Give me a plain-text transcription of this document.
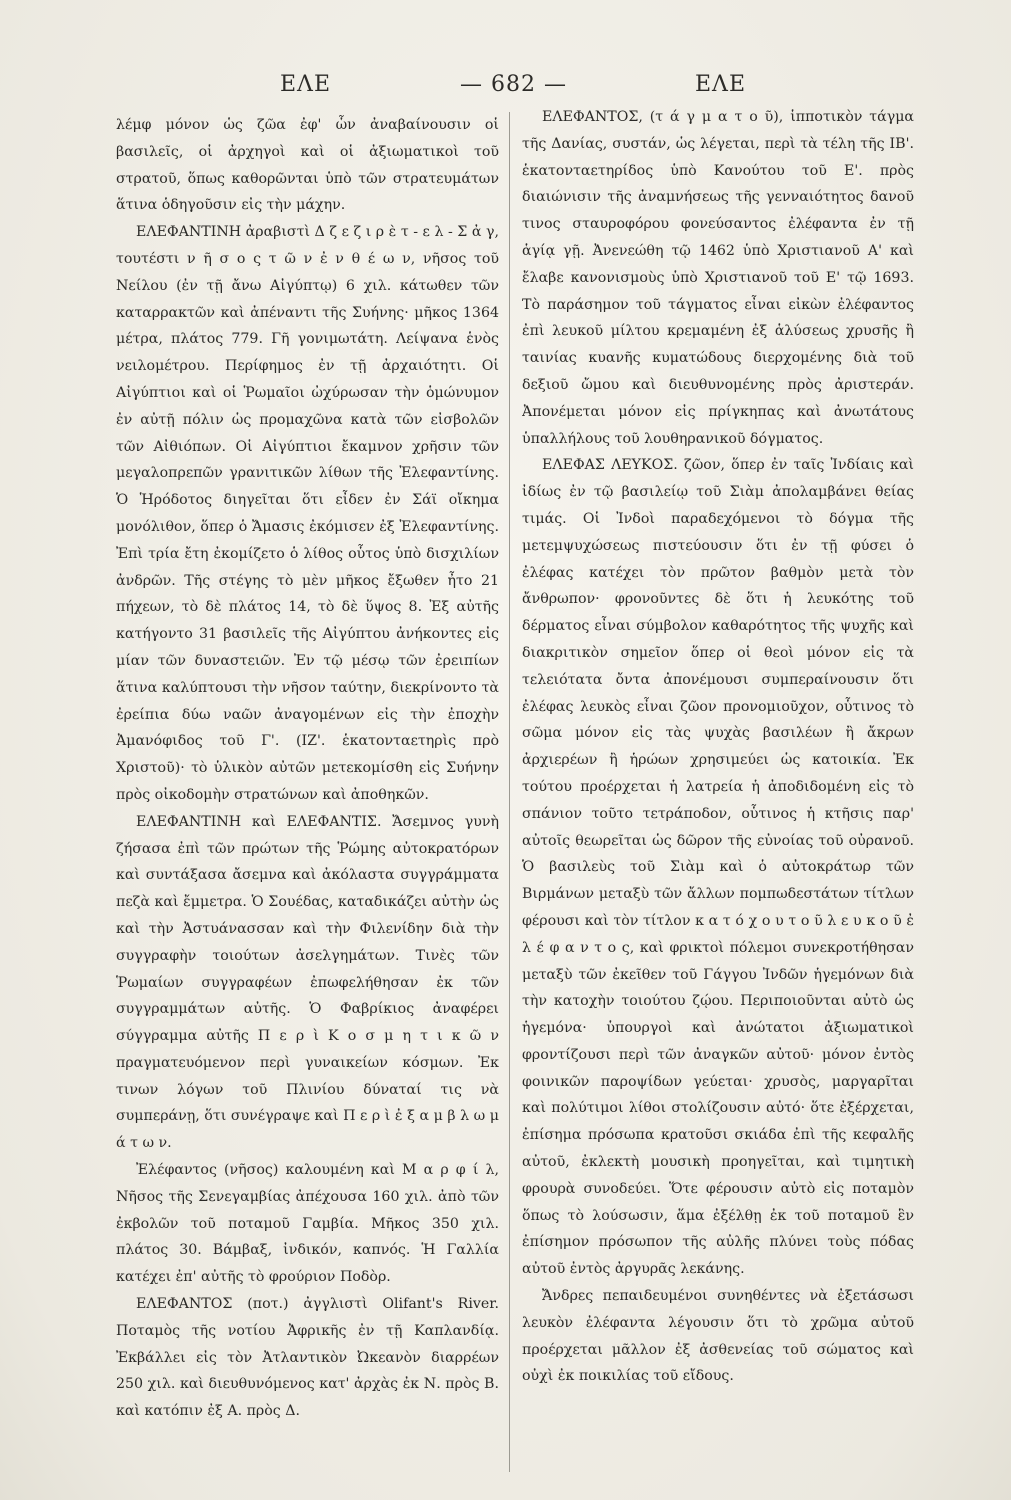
ΕΛΕ	— 682 —	ΕΛΕ

λέμφ μόνον ὡς ζῶα ἐφ' ὧν ἀναβαίνουσιν οἱ βασιλεῖς, οἱ ἀρχηγοὶ καὶ οἱ ἀξιωματικοὶ τοῦ στρατοῦ, ὅπως καθορῶνται ὑπὸ τῶν στρατευμάτων ἅτινα ὁδηγοῦσιν εἰς τὴν μάχην.

ΕΛΕΦΑΝΤΙΝΗ ἀραβιστὶ Δ ζ ε ζ ι ρ ὲ τ - ε λ - Σ ἀ γ, τουτέστι ν ῆ σ ο ς τ ῶ ν ἐ ν θ έ ω ν, νῆσος τοῦ Νείλου (ἐν τῇ ἄνω Αἰγύπτῳ) 6 χιλ. κάτωθεν τῶν καταρρακτῶν καὶ ἀπέναντι τῆς Συήνης· μῆκος 1364 μέτρα, πλάτος 779. Γῆ γονιμωτάτη. Λείψανα ἑνὸς νειλομέτρου. Περίφημος ἐν τῇ ἀρχαιότητι. Οἱ Αἰγύπτιοι καὶ οἱ Ῥωμαῖοι ὠχύρωσαν τὴν ὁμώνυμον ἐν αὐτῇ πόλιν ὡς προμαχῶνα κατὰ τῶν εἰσβολῶν τῶν Αἰθιόπων. Οἱ Αἰγύπτιοι ἔκαμνον χρῆσιν τῶν μεγαλοπρεπῶν γρανιτικῶν λίθων τῆς Ἐλεφαντίνης. Ὁ Ἡρόδοτος διηγεῖται ὅτι εἶδεν ἐν Σάϊ οἴκημα μονόλιθον, ὅπερ ὁ Ἄμασις ἐκόμισεν ἐξ Ἐλεφαντίνης. Ἐπὶ τρία ἔτη ἐκομίζετο ὁ λίθος οὗτος ὑπὸ δισχιλίων ἀνδρῶν. Τῆς στέγης τὸ μὲν μῆκος ἔξωθεν ἦτο 21 πήχεων, τὸ δὲ πλάτος 14, τὸ δὲ ὕψος 8. Ἐξ αὐτῆς κατήγοντο 31 βασιλεῖς τῆς Αἰγύπτου ἀνήκοντες εἰς μίαν τῶν δυναστειῶν. Ἐν τῷ μέσῳ τῶν ἐρειπίων ἅτινα καλύπτουσι τὴν νῆσον ταύτην, διεκρίνοντο τὰ ἐρείπια δύω ναῶν ἀναγομένων εἰς τὴν ἐποχὴν Ἀμανόφιδος τοῦ Γ'. (ΙΖ'. ἑκατονταετηρὶς πρὸ Χριστοῦ)· τὸ ὑλικὸν αὐτῶν μετεκομίσθη εἰς Συήνην πρὸς οἰκοδομὴν στρατώνων καὶ ἀποθηκῶν.

ΕΛΕΦΑΝΤΙΝΗ καὶ ΕΛΕΦΑΝΤΙΣ. Ἄσεμνος γυνὴ ζήσασα ἐπὶ τῶν πρώτων τῆς Ῥώμης αὐτοκρατόρων καὶ συντάξασα ἄσεμνα καὶ ἀκόλαστα συγγράμματα πεζὰ καὶ ἔμμετρα. Ὁ Σουέδας, καταδικάζει αὐτὴν ὡς καὶ τὴν Ἀστυάνασσαν καὶ τὴν Φιλενίδην διὰ τὴν συγγραφὴν τοιούτων ἀσελγημάτων. Τινὲς τῶν Ῥωμαίων συγγραφέων ἐπωφελήθησαν ἐκ τῶν συγγραμμάτων αὐτῆς. Ὁ Φαβρίκιος ἀναφέρει σύγγραμμα αὐτῆς Π ε ρ ὶ Κ ο σ μ η τ ι κ ῶ ν πραγματευόμενον περὶ γυναικείων κόσμων. Ἐκ τινων λόγων τοῦ Πλινίου δύναταί τις νὰ συμπεράνῃ, ὅτι συνέγραψε καὶ Π ε ρ ὶ ἐ ξ α μ β λ ω μ ά τ ω ν.

Ἐλέφαντος (νῆσος) καλουμένη καὶ Μ α ρ φ ί λ, Νῆσος τῆς Σενεγαμβίας ἀπέχουσα 160 χιλ. ἀπὸ τῶν ἐκβολῶν τοῦ ποταμοῦ Γαμβία. Μῆκος 350 χιλ. πλάτος 30. Βάμβαξ, ἰνδικόν, καπνός. Ἡ Γαλλία κατέχει ἐπ' αὐτῆς τὸ φρούριον Ποδὸρ.

ΕΛΕΦΑΝΤΟΣ (ποτ.) ἀγγλιστὶ Olifant's River. Ποταμὸς τῆς νοτίου Ἀφρικῆς ἐν τῇ Καπλανδίᾳ. Ἐκβάλλει εἰς τὸν Ἀτλαντικὸν Ὠκεανὸν διαρρέων 250 χιλ. καὶ διευθυνόμενος κατ' ἀρχὰς ἐκ Ν. πρὸς Β. καὶ κατόπιν ἐξ Α. πρὸς Δ.

ΕΛΕΦΑΝΤΟΣ, (τ ά γ μ α τ ο ῦ), ἱπποτικὸν τάγμα τῆς Δανίας, συστάν, ὡς λέγεται, περὶ τὰ τέλη τῆς ΙΒ'. ἑκατονταετηρίδος ὑπὸ Κανούτου τοῦ Ε'. πρὸς διαιώνισιν τῆς ἀναμνήσεως τῆς γενναιότητος δανοῦ τινος σταυροφόρου φονεύσαντος ἐλέφαντα ἐν τῇ ἁγίᾳ γῇ. Ἀνενεώθη τῷ 1462 ὑπὸ Χριστιανοῦ Α' καὶ ἔλαβε κανονισμοὺς ὑπὸ Χριστιανοῦ τοῦ Ε' τῷ 1693. Τὸ παράσημον τοῦ τάγματος εἶναι εἰκὼν ἐλέφαντος ἐπὶ λευκοῦ μίλτου κρεμαμένη ἐξ ἁλύσεως χρυσῆς ἢ ταινίας κυανῆς κυματώδους διερχομένης διὰ τοῦ δεξιοῦ ὤμου καὶ διευθυνομένης πρὸς ἀριστεράν. Ἀπονέμεται μόνον εἰς πρίγκηπας καὶ ἀνωτάτους ὑπαλλήλους τοῦ λουθηρανικοῦ δόγματος.

ΕΛΕΦΑΣ ΛΕΥΚΟΣ. ζῶον, ὅπερ ἐν ταῖς Ἰνδίαις καὶ ἰδίως ἐν τῷ βασιλείῳ τοῦ Σιὰμ ἀπολαμβάνει θείας τιμάς. Οἱ Ἰνδοὶ παραδεχόμενοι τὸ δόγμα τῆς μετεμψυχώσεως πιστεύουσιν ὅτι ἐν τῇ φύσει ὁ ἐλέφας κατέχει τὸν πρῶτον βαθμὸν μετὰ τὸν ἄνθρωπον· φρονοῦντες δὲ ὅτι ἡ λευκότης τοῦ δέρματος εἶναι σύμβολον καθαρότητος τῆς ψυχῆς καὶ διακριτικὸν σημεῖον ὅπερ οἱ θεοὶ μόνον εἰς τὰ τελειότατα ὄντα ἀπονέμουσι συμπεραίνουσιν ὅτι ἐλέφας λευκὸς εἶναι ζῶον προνομιοῦχον, οὗτινος τὸ σῶμα μόνον εἰς τὰς ψυχὰς βασιλέων ἢ ἄκρων ἀρχιερέων ἢ ἡρώων χρησιμεύει ὡς κατοικία. Ἐκ τούτου προέρχεται ἡ λατρεία ἡ ἀποδιδομένη εἰς τὸ σπάνιον τοῦτο τετράποδον, οὗτινος ἡ κτῆσις παρ' αὐτοῖς θεωρεῖται ὡς δῶρον τῆς εὐνοίας τοῦ οὐρανοῦ. Ὁ βασιλεὺς τοῦ Σιὰμ καὶ ὁ αὐτοκράτωρ τῶν Βιρμάνων μεταξὺ τῶν ἄλλων πομπωδεστάτων τίτλων φέρουσι καὶ τὸν τίτλον κ α τ ό χ ο υ τ ο ῦ λ ε υ κ ο ῦ ἐ λ έ φ α ν τ ο ς, καὶ φρικτοὶ πόλεμοι συνεκροτήθησαν μεταξὺ τῶν ἐκεῖθεν τοῦ Γάγγου Ἰνδῶν ἡγεμόνων διὰ τὴν κατοχὴν τοιούτου ζῴου. Περιποιοῦνται αὐτὸ ὡς ἡγεμόνα· ὑπουργοὶ καὶ ἀνώτατοι ἀξιωματικοὶ φροντίζουσι περὶ τῶν ἀναγκῶν αὐτοῦ· μόνον ἐντὸς φοινικῶν παροψίδων γεύεται· χρυσὸς, μαργαρῖται καὶ πολύτιμοι λίθοι στολίζουσιν αὐτό· ὅτε ἐξέρχεται, ἐπίσημα πρόσωπα κρατοῦσι σκιάδα ἐπὶ τῆς κεφαλῆς αὐτοῦ, ἐκλεκτὴ μουσικὴ προηγεῖται, καὶ τιμητικὴ φρουρὰ συνοδεύει. Ὅτε φέρουσιν αὐτὸ εἰς ποταμὸν ὅπως τὸ λούσωσιν, ἅμα ἐξέλθῃ ἐκ τοῦ ποταμοῦ ἓν ἐπίσημον πρόσωπον τῆς αὐλῆς πλύνει τοὺς πόδας αὐτοῦ ἐντὸς ἀργυρᾶς λεκάνης.

Ἄνδρες πεπαιδευμένοι συνηθέντες νὰ ἐξετάσωσι λευκὸν ἐλέφαντα λέγουσιν ὅτι τὸ χρῶμα αὐτοῦ προέρχεται μᾶλλον ἐξ ἀσθενείας τοῦ σώματος καὶ οὐχὶ ἐκ ποικιλίας τοῦ εἴδους.
